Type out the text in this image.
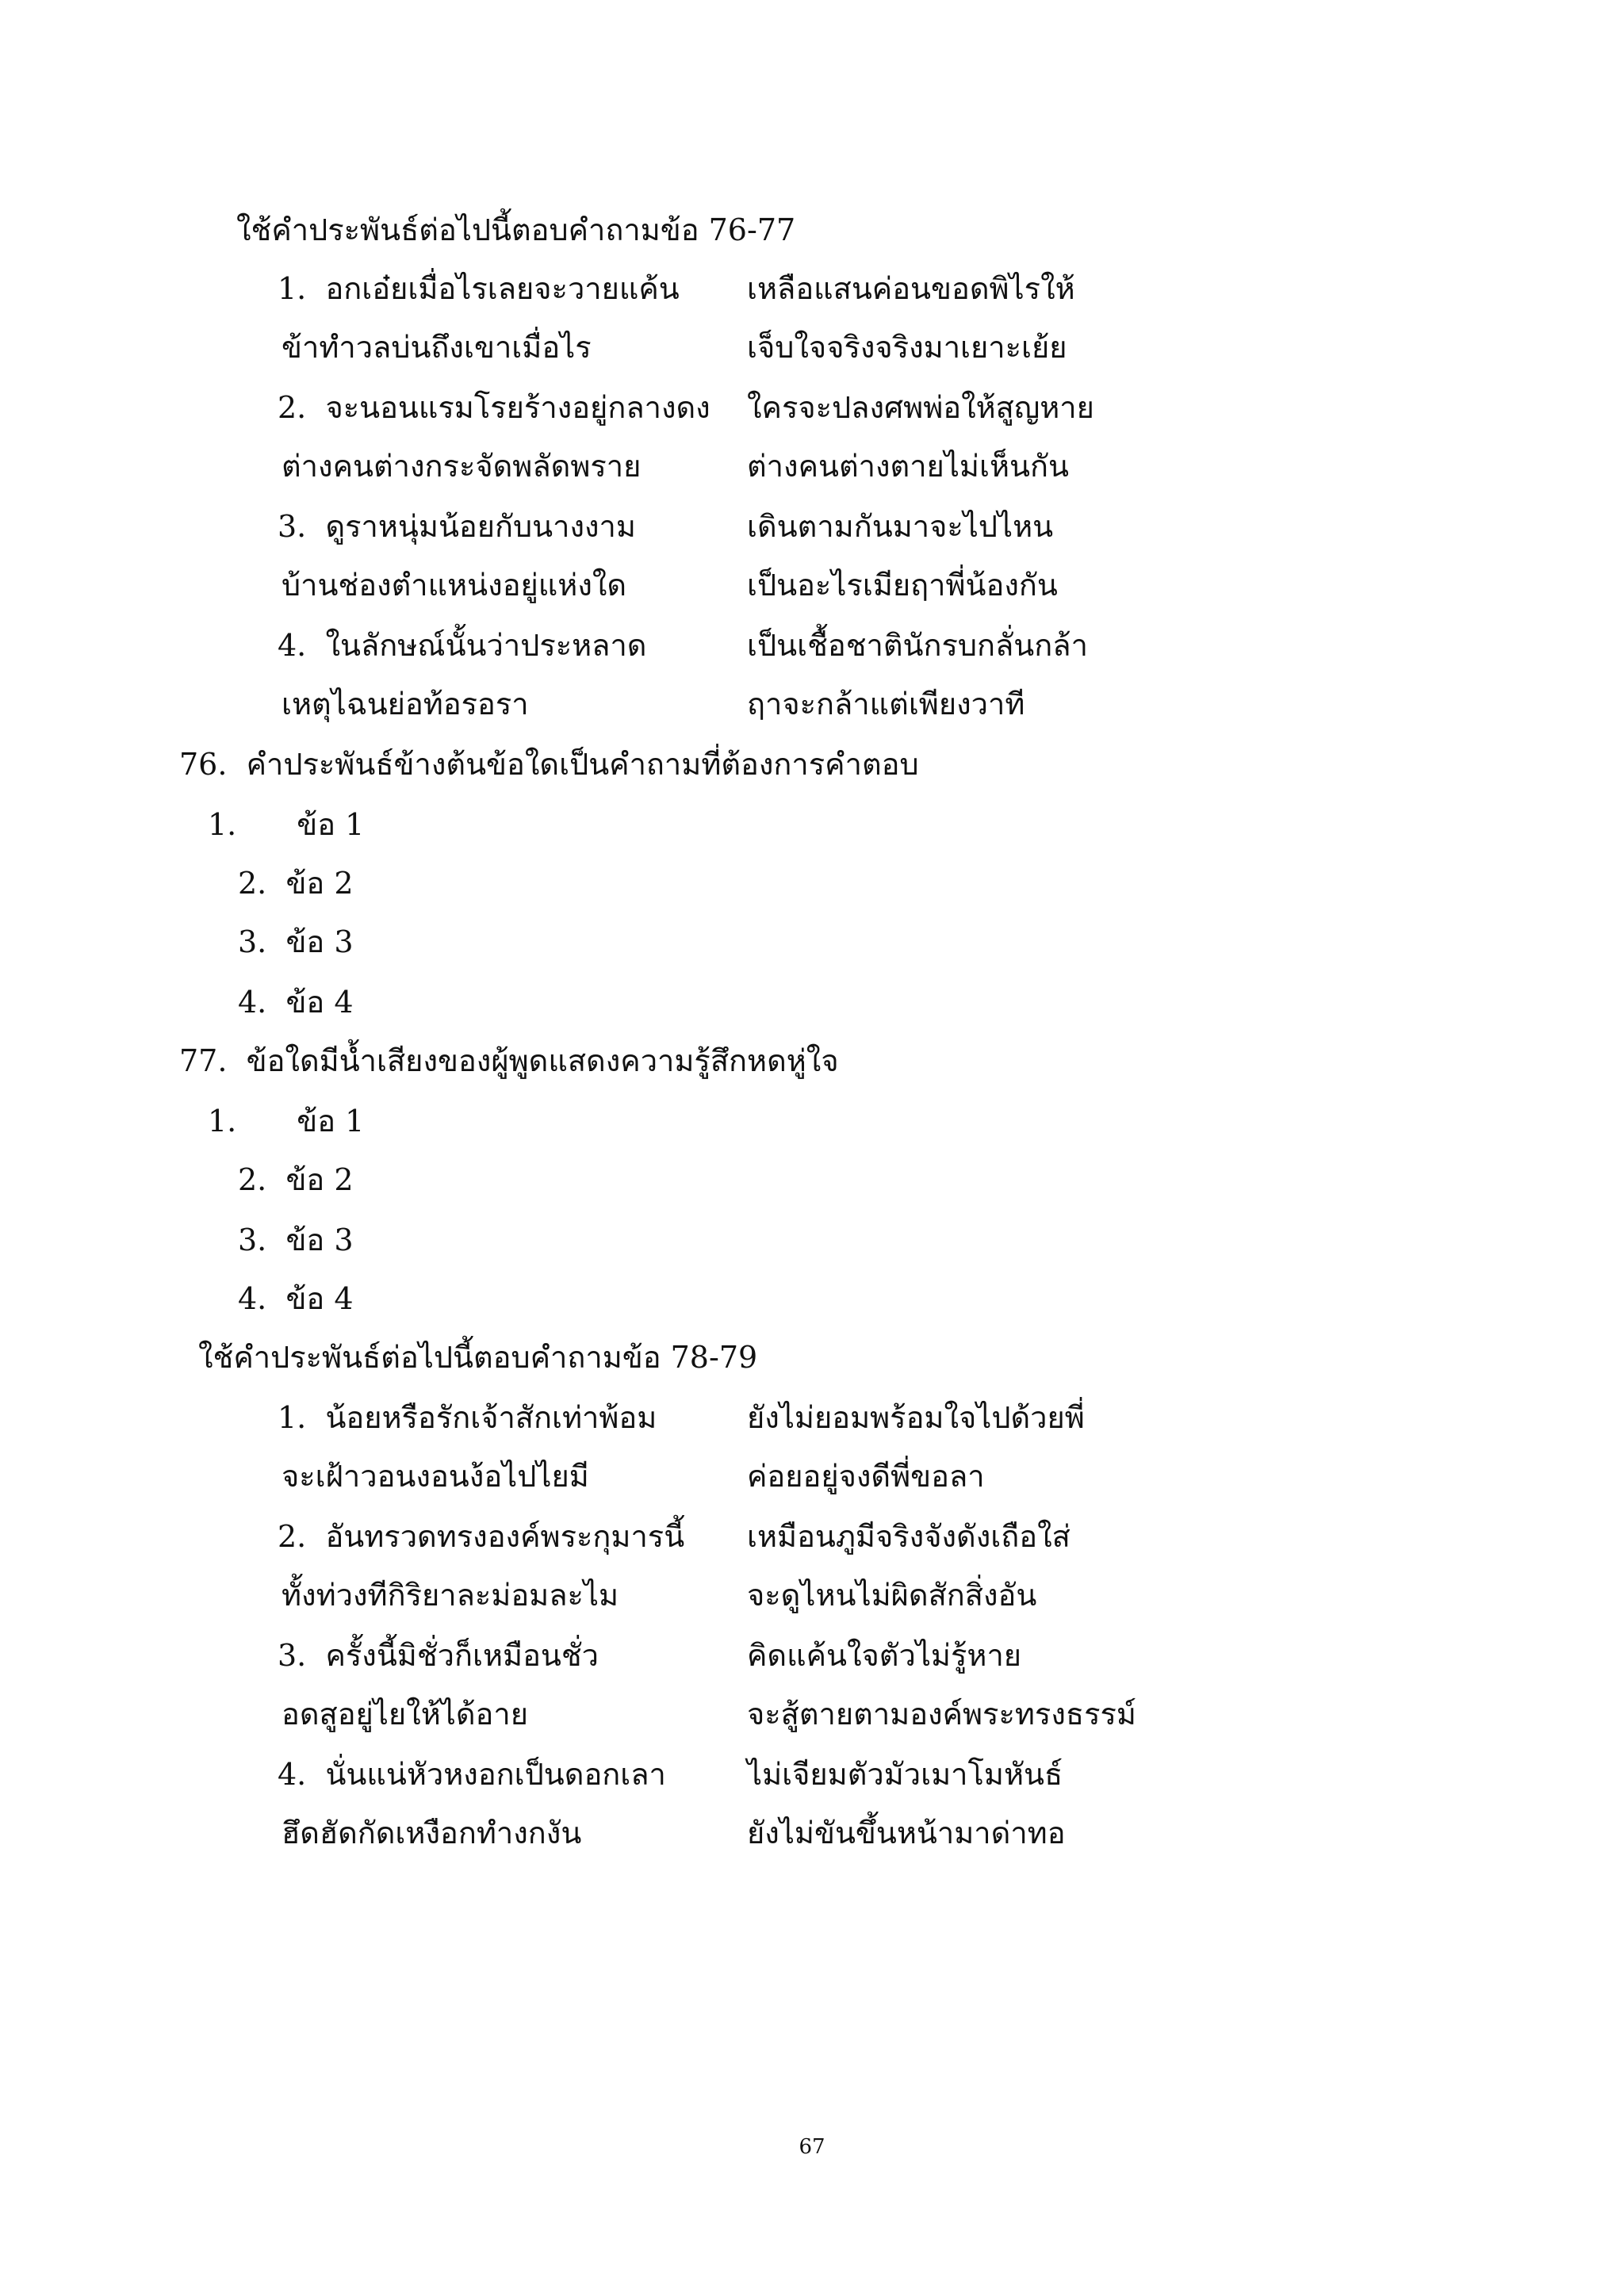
ใช้คำประพันธ์ต่อไปนี้ตอบคำถามข้อ 76-77
1. อกเอ๋ยเมื่อไรเลยจะวายแค้น เหลือแสนค่อนขอดพิไรให้
ข้าทำวลบ่นถึงเขาเมื่อไร	เจ็บใจจริงจริงมาเยาะเย้ย
2. จะนอนแรมโรยร้างอยู่กลางดง ใครจะปลงศพพ่อให้สูญหาย
ต่างคนต่างกระจัดพลัดพราย	ต่างคนต่างตายไม่เห็นกัน
3. ดูราหนุ่มน้อยกับนางงาม	เดินตามกันมาจะไปไหน
บ้านช่องตำแหน่งอยู่แห่งใด	เป็นอะไรเมียฤาพี่น้องกัน
4. ในลักษณ์นั้นว่าประหลาด	เป็นเชื้อชาตินักรบกลั่นกล้า
เหตุไฉนย่อท้อรอรา	ฤาจะกล้าแต่เพียงวาที
76. คำประพันธ์ข้างต้นข้อใดเป็นคำถามที่ต้องการคำตอบ
1. ข้อ 1
2. ข้อ 2
3. ข้อ 3
4. ข้อ 4
77. ข้อใดมีน้ำเสียงของผู้พูดแสดงความรู้สึกหดหู่ใจ
1. ข้อ 1
2. ข้อ 2
3. ข้อ 3
4. ข้อ 4
ใช้คำประพันธ์ต่อไปนี้ตอบคำถามข้อ 78-79
1. น้อยหรือรักเจ้าสักเท่าพ้อม	ยังไม่ยอมพร้อมใจไปด้วยพี่
จะเฝ้าวอนงอนง้อไปไยมี	ค่อยอยู่จงดีพี่ขอลา
2. อันทรวดทรงองค์พระกุมารนี้ เหมือนภูมีจริงจังดังเถือใส่
ทั้งท่วงทีกิริยาละม่อมละไม	จะดูไหนไม่ผิดสักสิ่งอัน
3. ครั้งนี้มิชั่วก็เหมือนชั่ว	คิดแค้นใจตัวไม่รู้หาย
อดสูอยู่ไยให้ได้อาย	จะสู้ตายตามองค์พระทรงธรรม์
4. นั่นแน่หัวหงอกเป็นดอกเลา	ไม่เจียมตัวมัวเมาโมหันธ์
ฮึดฮัดกัดเหงือกทำงกงัน	ยังไม่ขันขึ้นหน้ามาด่าทอ
67
